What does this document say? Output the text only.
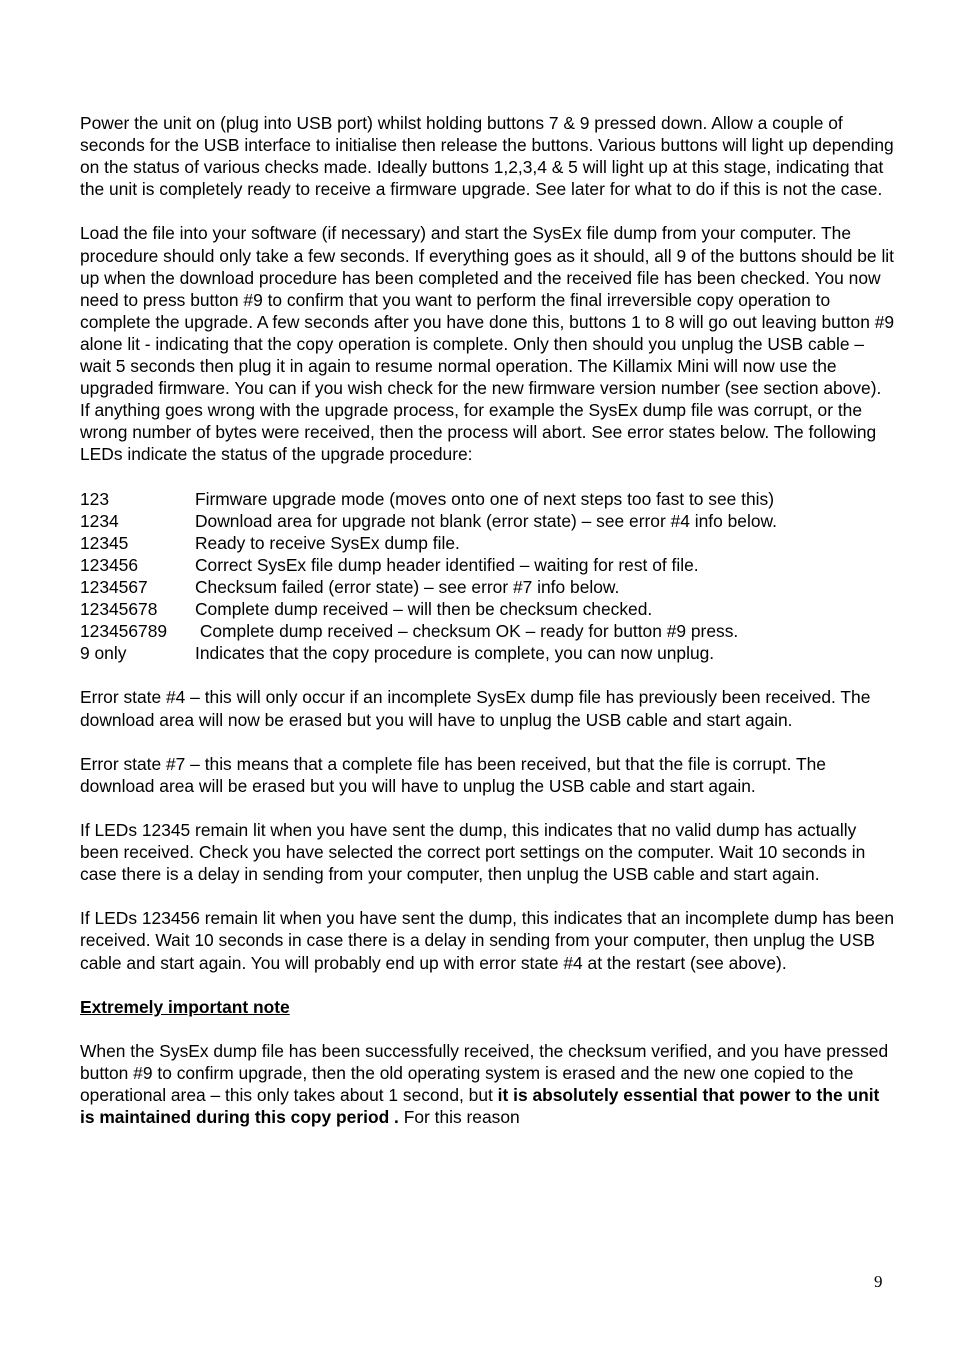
Power the unit on (plug into USB port) whilst holding buttons 7 & 9 pressed down. Allow a couple of seconds for the USB interface to initialise then release the buttons. Various buttons will light up depending on the status of various checks made. Ideally buttons 1,2,3,4 & 5 will light up at this stage, indicating that the unit is completely ready to receive a firmware upgrade. See later for what to do if this is not the case.

Load the file into your software (if necessary) and start the SysEx file dump from your computer. The procedure should only take a few seconds. If everything goes as it should, all 9 of the buttons should be lit up when the download procedure has been completed and the received file has been checked. You now need to press button #9 to confirm that you want to perform the final irreversible copy operation to complete the upgrade. A few seconds after you have done this, buttons 1 to 8 will go out leaving button #9 alone lit - indicating that the copy operation is complete. Only then should you unplug the USB cable – wait 5 seconds then plug it in again to resume normal operation. The Killamix Mini will now use the upgraded firmware. You can if you wish check for the new firmware version number (see section above).

If anything goes wrong with the upgrade process, for example the SysEx dump file was corrupt, or the wrong number of bytes were received, then the process will abort. See error states below. The following LEDs indicate the status of the upgrade procedure:

123	Firmware upgrade mode (moves onto one of next steps too fast to see this)
1234	Download area for upgrade not blank (error state) – see error #4 info below.
12345	Ready to receive SysEx dump file.
123456	Correct SysEx file dump header identified – waiting for rest of file.
1234567	Checksum failed (error state) – see error #7 info below.
12345678	Complete dump received – will then be checksum checked.
123456789	Complete dump received – checksum OK – ready for button #9 press.
9 only	Indicates that the copy procedure is complete, you can now unplug.

Error state #4 – this will only occur if an incomplete SysEx dump file has previously been received. The download area will now be erased but you will have to unplug the USB cable and start again.

Error state #7 – this means that a complete file has been received, but that the file is corrupt. The download area will be erased but you will have to unplug the USB cable and start again.

If LEDs 12345 remain lit when you have sent the dump, this indicates that no valid dump has actually been received. Check you have selected the correct port settings on the computer. Wait 10 seconds in case there is a delay in sending from your computer, then unplug the USB cable and start again.

If LEDs 123456 remain lit when you have sent the dump, this indicates that an incomplete dump has been received. Wait 10 seconds in case there is a delay in sending from your computer, then unplug the USB cable and start again. You will probably end up with error state #4 at the restart (see above).

Extremely important note

When the SysEx dump file has been successfully received, the checksum verified, and you have pressed button #9 to confirm upgrade, then the old operating system is erased and the new one copied to the operational area – this only takes about 1 second, but it is absolutely essential that power to the unit is maintained during this copy period . For this reason

9
